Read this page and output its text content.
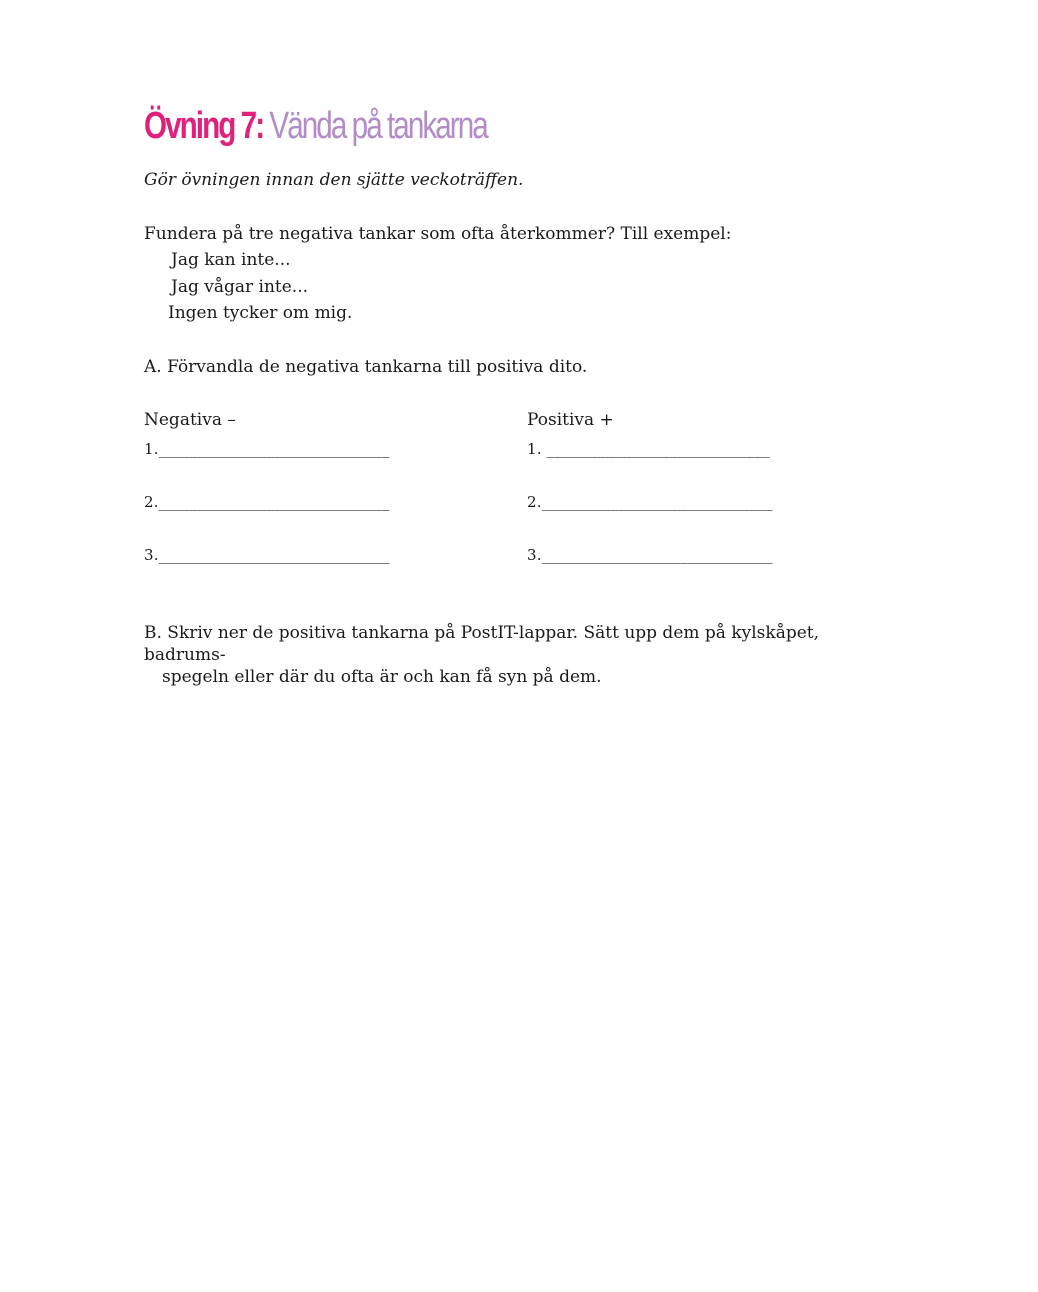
Övning 7: Vända på tankarna
Gör övningen innan den sjätte veckoträffen.
Fundera på tre negativa tankar som ofta återkommer? Till exempel:
Jag kan inte...
Jag vågar inte...
Ingen tycker om mig.
A. Förvandla de negativa tankarna till positiva dito.
Negativa –	Positiva +
1.______________________________
2.______________________________
3.______________________________
1. _____________________________
2.______________________________
3.______________________________
B. Skriv ner de positiva tankarna på PostIT-lappar. Sätt upp dem på kylskåpet, badrums-
spegeln eller där du ofta är och kan få syn på dem.
